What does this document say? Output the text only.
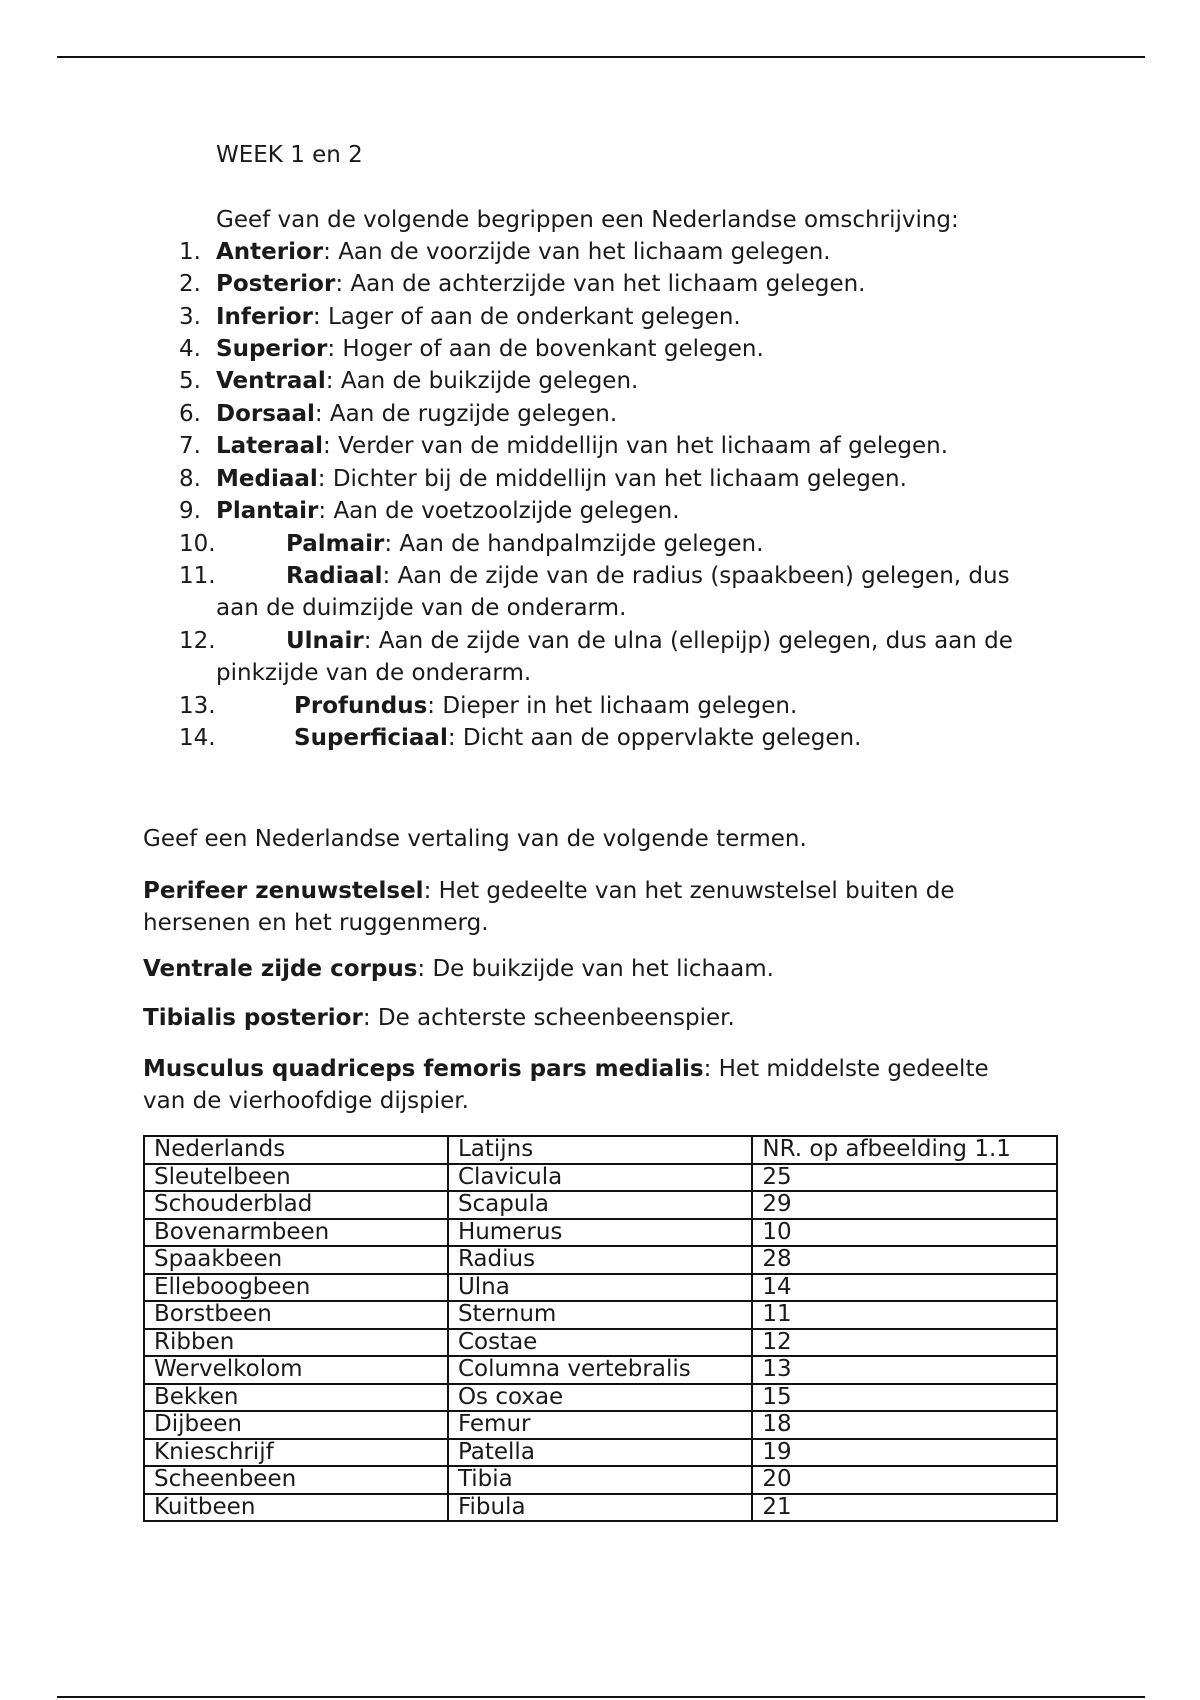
WEEK 1 en 2
Geef van de volgende begrippen een Nederlandse omschrijving:
1. Anterior: Aan de voorzijde van het lichaam gelegen.
2. Posterior: Aan de achterzijde van het lichaam gelegen.
3. Inferior: Lager of aan de onderkant gelegen.
4. Superior: Hoger of aan de bovenkant gelegen.
5. Ventraal: Aan de buikzijde gelegen.
6. Dorsaal: Aan de rugzijde gelegen.
7. Lateraal: Verder van de middellijn van het lichaam af gelegen.
8. Mediaal: Dichter bij de middellijn van het lichaam gelegen.
9. Plantair: Aan de voetzoolzijde gelegen.
10.	Palmair: Aan de handpalmzijde gelegen.
11.	Radiaal: Aan de zijde van de radius (spaakbeen) gelegen, dus
aan de duimzijde van de onderarm.
12.	Ulnair: Aan de zijde van de ulna (ellepijp) gelegen, dus aan de
pinkzijde van de onderarm.
13.	Profundus: Dieper in het lichaam gelegen.
14.	Superficiaal: Dicht aan de oppervlakte gelegen.
Geef een Nederlandse vertaling van de volgende termen.
Perifeer zenuwstelsel: Het gedeelte van het zenuwstelsel buiten de
hersenen en het ruggenmerg.
Ventrale zijde corpus: De buikzijde van het lichaam.
Tibialis posterior: De achterste scheenbeenspier.
Musculus quadriceps femoris pars medialis: Het middelste gedeelte
van de vierhoofdige dijspier.
Nederlands	Latijns	NR. op afbeelding 1.1
Sleutelbeen	Clavicula	25
Schouderblad	Scapula	29
Bovenarmbeen	Humerus	10
Spaakbeen	Radius	28
Elleboogbeen	Ulna	14
Borstbeen	Sternum	11
Ribben	Costae	12
Wervelkolom	Columna vertebralis	13
Bekken	Os coxae	15
Dijbeen	Femur	18
Knieschrijf	Patella	19
Scheenbeen	Tibia	20
Kuitbeen	Fibula	21
